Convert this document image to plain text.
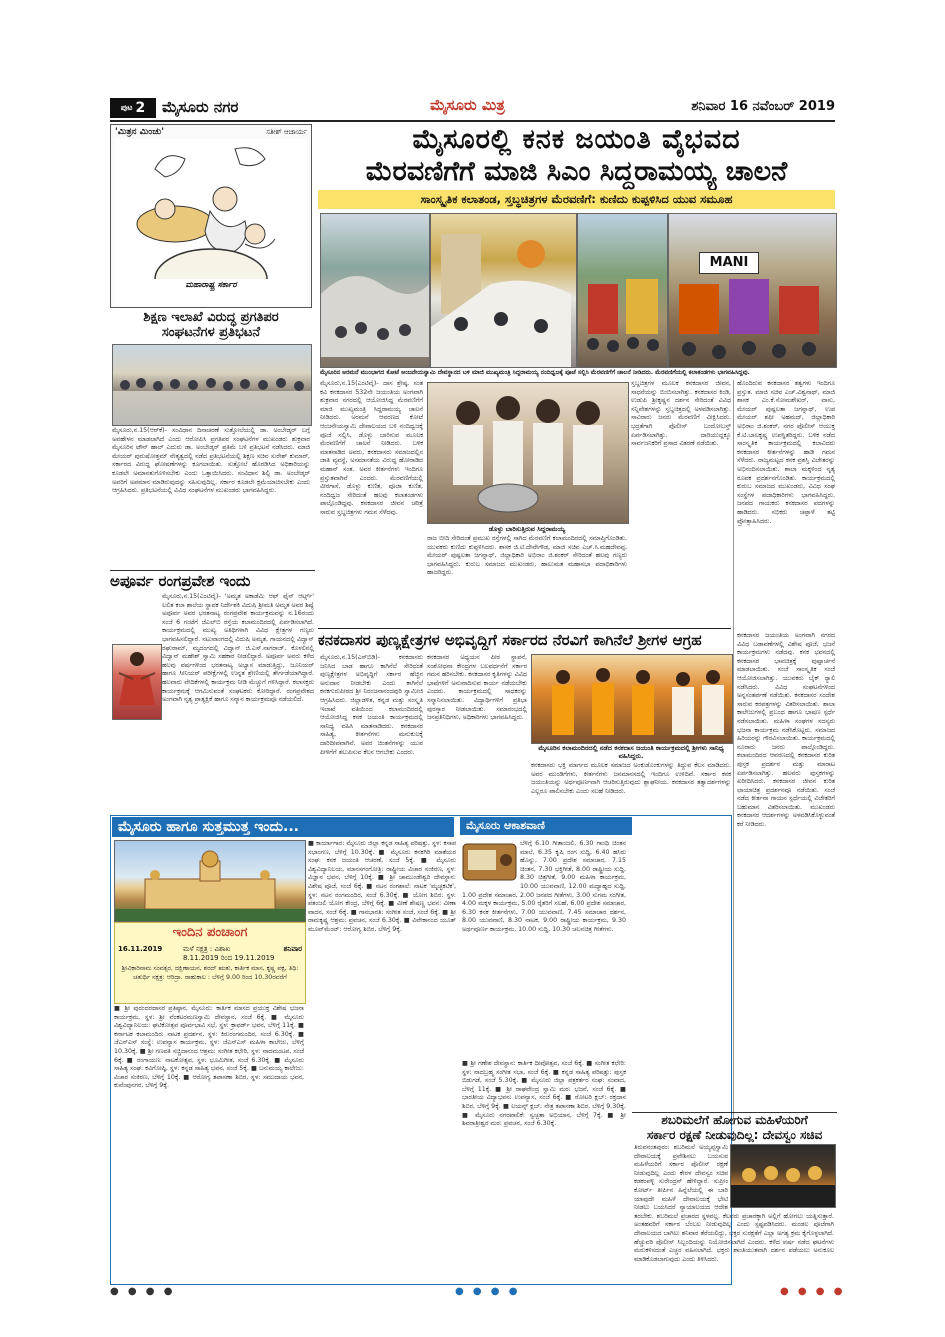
ಪುಟ 2 ಮೈಸೂರು ನಗರ	ಮೈಸೂರು ಮಿತ್ರ	ಶನಿವಾರ 16 ನವೆಂಬರ್ 2019
'ಮಿತ್ರನ ಮಿಂಚು'	ಸತೀಶ್ ಆಚಾರ್ಯ
ಮಹಾರಾಷ್ಟ್ರ ಸರ್ಕಾರ
ಶಿಕ್ಷಣ ಇಲಾಖೆ ವಿರುದ್ಧ ಪ್ರಗತಿಪರ
ಸಂಘಟನೆಗಳ ಪ್ರತಿಭಟನೆ
ಮೈಸೂರು,ನ.15(ಆರ್‌ಕೆ)- ಸಂವಿಧಾನ ದಿನಾಚರಣೆ ಸುತ್ತೋಲೆಯಲ್ಲಿ ಡಾ. ಅಂಬೇಡ್ಕರ್ ಬಗ್ಗೆ ಅವಹೇಳನ ಮಾಡಲಾಗಿದೆ ಎಂದು ಆರೋಪಿಸಿ ಪ್ರಗತಿಪರ ಸಂಘಟನೆಗಳ ಮುಖಂಡರು ಶುಕ್ರವಾರ ಮೈಸೂರಿನ ಟೌನ್ ಹಾಲ್ ಎದುರು ಡಾ. ಅಂಬೇಡ್ಕರ್ ಪ್ರತಿಮೆ ಬಳಿ ಪ್ರತಿಭಟನೆ ನಡೆಸಿದರು. ಮಾಜಿ ಮೇಯರ್ ಪುರುಷೋತ್ತಮ್ ನೇತೃತ್ವದಲ್ಲಿ ನಡೆದ ಪ್ರತಿಭಟನೆಯಲ್ಲಿ ಶಿಕ್ಷಣ ಸಚಿವ ಸುರೇಶ್ ಕುಮಾರ್, ಸರ್ಕಾರದ ವಿರುದ್ಧ ಘೋಷಣೆಗಳನ್ನು ಕೂಗಲಾಯಿತು. ಸುತ್ತೋಲೆ ಹೊರಡಿಸಿದ ಅಧಿಕಾರಿಯನ್ನು ಕೂಡಲೇ ಅಮಾನತುಗೊಳಿಸಬೇಕು ಎಂದು ಒತ್ತಾಯಿಸಿದರು. ಸಂವಿಧಾನ ಶಿಲ್ಪಿ ಡಾ. ಅಂಬೇಡ್ಕರ್ ಅವರಿಗೆ ಅಪಮಾನ ಮಾಡಿರುವುದನ್ನು ಸಹಿಸುವುದಿಲ್ಲ. ಸರ್ಕಾರ ಕೂಡಲೇ ಕ್ಷಮೆಯಾಚಿಸಬೇಕು ಎಂದು ಆಗ್ರಹಿಸಿದರು. ಪ್ರತಿಭಟನೆಯಲ್ಲಿ ವಿವಿಧ ಸಂಘಟನೆಗಳ ಮುಖಂಡರು ಭಾಗವಹಿಸಿದ್ದರು.
ಅಪೂರ್ವ ರಂಗಪ್ರವೇಶ ಇಂದು
ಮೈಸೂರು,ನ.15(ಎಂಟಿವೈ)- 'ಅಮೃತ ಅಕಾಡೆಮಿ ಆಫ್ ಫೈನ್ ಆರ್ಟ್ಸ್' ಲಲಿತ ಕಲಾ ಶಾಲೆಯ ಸ್ಥಾಪಕ ನಿರ್ದೇಶಕಿ ವಿದುಷಿ ಶ್ರೀಮತಿ ಅಮೃತ ಅವರ ಶಿಷ್ಯೆ ಅಪೂರ್ವ ಅವರ ಭರತನಾಟ್ಯ ರಂಗಪ್ರವೇಶ ಕಾರ್ಯಕ್ರಮವನ್ನು ನ.16ರಂದು ಸಂಜೆ 6 ಗಂಟೆಗೆ ಜೆಎಲ್‌ಬಿ ರಸ್ತೆಯ ಕಲಾಮಂದಿರದಲ್ಲಿ ಏರ್ಪಡಿಸಲಾಗಿದೆ. ಕಾರ್ಯಕ್ರಮದಲ್ಲಿ ಮುಖ್ಯ ಅತಿಥಿಗಳಾಗಿ ವಿವಿಧ ಕ್ಷೇತ್ರಗಳ ಗಣ್ಯರು ಭಾಗವಹಿಸಲಿದ್ದಾರೆ. ನಟುವಾಂಗದಲ್ಲಿ ವಿದುಷಿ ಅಮೃತ, ಗಾಯನದಲ್ಲಿ ವಿದ್ವಾನ್ ರಘುರಾಮ್, ಮೃದಂಗದಲ್ಲಿ ವಿದ್ವಾನ್ ಜಿ.ಎಸ್.ನಾಗರಾಜ್, ಕೊಳಲಿನಲ್ಲಿ ವಿದ್ವಾನ್ ಮಹೇಶ್ ಸ್ವಾಮಿ ಸಹಕಾರ ನೀಡಲಿದ್ದಾರೆ. ಅಪೂರ್ವ ಅವರು ಕಳೆದ ಹಲವು ವರ್ಷಗಳಿಂದ ಭರತನಾಟ್ಯ ಅಭ್ಯಾಸ ಮಾಡುತ್ತಿದ್ದು, ಜೂನಿಯರ್ ಹಾಗೂ ಸೀನಿಯರ್ ಪರೀಕ್ಷೆಗಳಲ್ಲಿ ಉನ್ನತ ಶ್ರೇಣಿಯಲ್ಲಿ ತೇರ್ಗಡೆಯಾಗಿದ್ದಾರೆ. ಹಲವಾರು ವೇದಿಕೆಗಳಲ್ಲಿ ಕಾರ್ಯಕ್ರಮ ನೀಡಿ ಮೆಚ್ಚುಗೆ ಗಳಿಸಿದ್ದಾರೆ. ಕಲಾಸಕ್ತರು ಕಾರ್ಯಕ್ರಮಕ್ಕೆ ಆಗಮಿಸುವಂತೆ ಸಂಘಟಕರು ಕೋರಿದ್ದಾರೆ. ರಂಗಪ್ರವೇಶದ ಅಂಗವಾಗಿ ನೃತ್ಯ ಪ್ರಾತ್ಯಕ್ಷಿಕೆ ಹಾಗೂ ಸನ್ಮಾನ ಕಾರ್ಯಕ್ರಮವೂ ನಡೆಯಲಿದೆ.
ಮೈಸೂರಲ್ಲಿ ಕನಕ ಜಯಂತಿ ವೈಭವದ
ಮೆರವಣಿಗೆಗೆ ಮಾಜಿ ಸಿಎಂ ಸಿದ್ದರಾಮಯ್ಯ ಚಾಲನೆ
ಸಾಂಸ್ಕೃತಿಕ ಕಲಾತಂಡ, ಸ್ತಬ್ಧಚಿತ್ರಗಳ ಮೆರವಣಿಗೆ: ಕುಣಿದು ಕುಪ್ಪಳಿಸಿದ ಯುವ ಸಮೂಹ
MANI
ಮೈಸೂರಿನ ಅರಮನೆ ಮುಂಭಾಗದ ಕೋಟೆ ಆಂಜನೇಯಸ್ವಾಮಿ ದೇವಸ್ಥಾನದ ಬಳಿ ಮಾಜಿ ಮುಖ್ಯಮಂತ್ರಿ ಸಿದ್ದರಾಮಯ್ಯ ನಂದಿಧ್ವಜಕ್ಕೆ ಪೂಜೆ ಸಲ್ಲಿಸಿ ಮೆರವಣಿಗೆಗೆ ಚಾಲನೆ ನೀಡಿದರು. ಮೆರವಣಿಗೆಯಲ್ಲಿ ಕಲಾತಂಡಗಳು ಭಾಗವಹಿಸಿದ್ದವು.
ಮೈಸೂರು,ನ.15(ಎಂಟಿವೈ)- ದಾಸ ಶ್ರೇಷ್ಠ, ಸಂತ ಕವಿ ಕನಕದಾಸರ 532ನೇ ಜಯಂತಿಯ ಅಂಗವಾಗಿ ಶುಕ್ರವಾರ ನಗರದಲ್ಲಿ ಆಯೋಜಿಸಿದ್ದ ಮೆರವಣಿಗೆಗೆ ಮಾಜಿ ಮುಖ್ಯಮಂತ್ರಿ ಸಿದ್ದರಾಮಯ್ಯ ಚಾಲನೆ ನೀಡಿದರು. ಅರಮನೆ ಆವರಣದ ಕೋಟೆ ಆಂಜನೇಯಸ್ವಾಮಿ ದೇವಾಲಯದ ಬಳಿ ನಂದಿಧ್ವಜಕ್ಕೆ ಪೂಜೆ ಸಲ್ಲಿಸಿ, ಡೊಳ್ಳು ಬಾರಿಸುವ ಮೂಲಕ ಮೆರವಣಿಗೆಗೆ ಚಾಲನೆ ನೀಡಿದರು. ಬಳಿಕ ಮಾತನಾಡಿದ ಅವರು, ಕನಕದಾಸರು ಸಮಾಜದಲ್ಲಿನ ಜಾತಿ ವ್ಯವಸ್ಥೆ, ಅಸಮಾನತೆಯ ವಿರುದ್ಧ ಹೋರಾಡಿದ ಮಹಾನ್ ಸಂತ. ಅವರ ಕೀರ್ತನೆಗಳು ಇಂದಿಗೂ ಪ್ರಸ್ತುತವಾಗಿವೆ ಎಂದರು. ಮೆರವಣಿಗೆಯಲ್ಲಿ ವೀರಗಾಸೆ, ಡೊಳ್ಳು ಕುಣಿತ, ಪೂಜಾ ಕುಣಿತ, ನಂದಿಧ್ವಜ ಸೇರಿದಂತೆ ಹಲವು ಕಲಾತಂಡಗಳು ಪಾಲ್ಗೊಂಡಿದ್ದವು. ಕನಕದಾಸರ ಜೀವನ ಚರಿತ್ರೆ ಸಾರುವ ಸ್ತಬ್ಧಚಿತ್ರಗಳು ಗಮನ ಸೆಳೆದವು.
ಡೊಳ್ಳು ಬಾರಿಸುತ್ತಿರುವ ಸಿದ್ದರಾಮಯ್ಯ
ರಾಜ ಬೀದಿ ಸೇರಿದಂತೆ ಪ್ರಮುಖ ರಸ್ತೆಗಳಲ್ಲಿ ಸಾಗಿದ ಮೆರವಣಿಗೆ ಕಲಾಮಂದಿರದಲ್ಲಿ ಸಮಾಪ್ತಿಗೊಂಡಿತು. ಯುವಕರು ಕುಣಿದು ಕುಪ್ಪಳಿಸಿದರು. ಶಾಸಕ ಜಿ.ಟಿ.ದೇವೇಗೌಡ, ಮಾಜಿ ಸಚಿವ ಎಚ್.ಸಿ.ಮಹದೇವಪ್ಪ, ಮೇಯರ್ ಪುಷ್ಪಲತಾ ಜಗನ್ನಾಥ್, ಜಿಲ್ಲಾಧಿಕಾರಿ ಅಭಿರಾಂ ಜಿ.ಶಂಕರ್ ಸೇರಿದಂತೆ ಹಲವು ಗಣ್ಯರು ಭಾಗವಹಿಸಿದ್ದರು. ಕುರುಬ ಸಮಾಜದ ಮುಖಂಡರು, ಹಾಲುಮತ ಮಹಾಸಭಾ ಪದಾಧಿಕಾರಿಗಳು ಹಾಜರಿದ್ದರು.
ಸ್ತಬ್ಧಚಿತ್ರಗಳ ಮೂಲಕ ಕನಕದಾಸರ ಜೀವನ, ಸಾಧನೆಯನ್ನು ಬಿಂಬಿಸಲಾಗಿತ್ತು. ಕನಕದಾಸರ ಕಿಂಡಿ, ಉಡುಪಿ ಶ್ರೀಕೃಷ್ಣನ ದರ್ಶನ ಸೇರಿದಂತೆ ವಿವಿಧ ಸನ್ನಿವೇಶಗಳನ್ನು ಸ್ತಬ್ಧಚಿತ್ರದಲ್ಲಿ ಅಳವಡಿಸಲಾಗಿತ್ತು. ಸಾವಿರಾರು ಜನರು ಮೆರವಣಿಗೆ ವೀಕ್ಷಿಸಿದರು. ಭದ್ರತೆಗಾಗಿ ಪೊಲೀಸ್ ಬಂದೋಬಸ್ತ್ ಏರ್ಪಡಿಸಲಾಗಿತ್ತು. ದಾರಿಯುದ್ದಕ್ಕೂ ಸಾರ್ವಜನಿಕರಿಗೆ ಪ್ರಸಾದ ವಿತರಣೆ ನಡೆಯಿತು.
ಹೊಂದಿರುವ ಕನಕದಾಸರ ತತ್ವಗಳು ಇಂದಿಗೂ ಪ್ರಸ್ತುತ. ಮಾಜಿ ಸಚಿವ ಎಚ್.ವಿಶ್ವನಾಥ್, ಮಾಜಿ ಶಾಸಕ ಎಂ.ಕೆ.ಸೋಮಶೇಖರ್, ವಾಸು, ಮೇಯರ್ ಪುಷ್ಪಲತಾ ಜಗನ್ನಾಥ್, ಉಪ ಮೇಯರ್ ಶಫೀ ಅಹಮದ್, ಜಿಲ್ಲಾಧಿಕಾರಿ ಅಭಿರಾಂ ಜಿ.ಶಂಕರ್, ನಗರ ಪೊಲೀಸ್ ಆಯುಕ್ತ ಕೆ.ಟಿ.ಬಾಲಕೃಷ್ಣ ಉಪಸ್ಥಿತರಿದ್ದರು. ಬಳಿಕ ನಡೆದ ಸಾಂಸ್ಕೃತಿಕ ಕಾರ್ಯಕ್ರಮದಲ್ಲಿ ಕಲಾವಿದರು ಕನಕದಾಸರ ಕೀರ್ತನೆಗಳನ್ನು ಹಾಡಿ ಗಮನ ಸೆಳೆದರು. ರಾಜ್ಯಮಟ್ಟದ ಕನಕ ಪ್ರಶಸ್ತಿ ವಿಜೇತರನ್ನು ಅಭಿನಂದಿಸಲಾಯಿತು. ಶಾಲಾ ಮಕ್ಕಳಿಂದ ನೃತ್ಯ ರೂಪಕ ಪ್ರದರ್ಶನಗೊಂಡಿತು. ಕಾರ್ಯಕ್ರಮದಲ್ಲಿ ಕುರುಬ ಸಮಾಜದ ಮುಖಂಡರು, ವಿವಿಧ ಸಂಘ ಸಂಸ್ಥೆಗಳ ಪದಾಧಿಕಾರಿಗಳು ಭಾಗವಹಿಸಿದ್ದರು. ಜನಪದ ಗಾಯಕರು ಕನಕದಾಸರ ಪದಗಳನ್ನು ಹಾಡಿದರು. ಸಭಿಕರು ಚಪ್ಪಾಳೆ ತಟ್ಟಿ ಪ್ರೋತ್ಸಾಹಿಸಿದರು.
ಕನಕದಾಸರ ಪುಣ್ಯಕ್ಷೇತ್ರಗಳ ಅಭಿವೃದ್ಧಿಗೆ ಸರ್ಕಾರದ ನೆರವಿಗೆ ಕಾಗಿನೆಲೆ ಶ್ರೀಗಳ ಆಗ್ರಹ
ಮೈಸೂರು,ನ.15(ಎಸ್‌ಬಿಡಿ)- ಕನಕದಾಸರು ಜನಿಸಿದ ಬಾಡ ಹಾಗೂ ಕಾಗಿನೆಲೆ ಸೇರಿದಂತೆ ಪುಣ್ಯಕ್ಷೇತ್ರಗಳ ಅಭಿವೃದ್ಧಿಗೆ ಸರ್ಕಾರ ಹೆಚ್ಚಿನ ಅನುದಾನ ನೀಡಬೇಕು ಎಂದು ಕಾಗಿನೆಲೆ ಕನಕಗುರುಪೀಠದ ಶ್ರೀ ನಿರಂಜನಾನಂದಪುರಿ ಸ್ವಾಮೀಜಿ ಆಗ್ರಹಿಸಿದರು. ಜಿಲ್ಲಾಡಳಿತ, ಕನ್ನಡ ಮತ್ತು ಸಂಸ್ಕೃತಿ ಇಲಾಖೆ ವತಿಯಿಂದ ಕಲಾಮಂದಿರದಲ್ಲಿ ಆಯೋಜಿಸಿದ್ದ ಕನಕ ಜಯಂತಿ ಕಾರ್ಯಕ್ರಮದಲ್ಲಿ ಸಾನಿಧ್ಯ ವಹಿಸಿ ಮಾತನಾಡಿದರು. ಕನಕದಾಸರ ಸಾಹಿತ್ಯ, ಕೀರ್ತನೆಗಳು ಮನುಕುಲಕ್ಕೆ ದಾರಿದೀಪವಾಗಿವೆ. ಅವರ ಚಿಂತನೆಗಳನ್ನು ಯುವ ಪೀಳಿಗೆಗೆ ತಲುಪಿಸುವ ಕೆಲಸ ಆಗಬೇಕು ಎಂದರು.
ಕನಕದಾಸರ ಅಧ್ಯಯನ ಪೀಠ ಸ್ಥಾಪನೆ, ಸಂಶೋಧನಾ ಕೇಂದ್ರಗಳ ಬಲವರ್ಧನೆಗೆ ಸರ್ಕಾರ ಗಮನ ಹರಿಸಬೇಕು. ಕನಕದಾಸರ ಕೃತಿಗಳನ್ನು ವಿವಿಧ ಭಾಷೆಗಳಿಗೆ ಅನುವಾದಿಸುವ ಕಾರ್ಯ ನಡೆಯಬೇಕು ಎಂದರು. ಕಾರ್ಯಕ್ರಮದಲ್ಲಿ ಸಾಧಕರನ್ನು ಸನ್ಮಾನಿಸಲಾಯಿತು. ವಿದ್ಯಾರ್ಥಿಗಳಿಗೆ ಪ್ರತಿಭಾ ಪುರಸ್ಕಾರ ನೀಡಲಾಯಿತು. ಸಮಾರಂಭದಲ್ಲಿ ಜನಪ್ರತಿನಿಧಿಗಳು, ಅಧಿಕಾರಿಗಳು ಭಾಗವಹಿಸಿದ್ದರು.
ಮೈಸೂರಿನ ಕಲಾಮಂದಿರದಲ್ಲಿ ನಡೆದ ಕನಕದಾಸ ಜಯಂತಿ ಕಾರ್ಯಕ್ರಮದಲ್ಲಿ ಶ್ರೀಗಳು ಸಾನಿಧ್ಯ ವಹಿಸಿದ್ದರು.
ಕನಕದಾಸರು ಭಕ್ತಿ ಮಾರ್ಗದ ಮೂಲಕ ಸಮಾಜದ ಅಂಕುಡೊಂಕುಗಳನ್ನು ತಿದ್ದುವ ಕೆಲಸ ಮಾಡಿದರು. ಅವರ ಮುಂಡಿಗೆಗಳು, ಕೀರ್ತನೆಗಳು ಜನಮಾನಸದಲ್ಲಿ ಇಂದಿಗೂ ಉಳಿದಿವೆ. ಸರ್ಕಾರ ಕನಕ ಜಯಂತಿಯನ್ನು ಅರ್ಥಪೂರ್ಣವಾಗಿ ಆಚರಿಸುತ್ತಿರುವುದು ಶ್ಲಾಘನೀಯ. ಕನಕದಾಸರ ತತ್ವಾದರ್ಶಗಳನ್ನು ಎಲ್ಲರೂ ಪಾಲಿಸಬೇಕು ಎಂದು ಸಲಹೆ ನೀಡಿದರು.
ಕನಕದಾಸರ ಜಯಂತಿಯ ಅಂಗವಾಗಿ ನಗರದ ವಿವಿಧ ಬಡಾವಣೆಗಳಲ್ಲಿ ವಿಶೇಷ ಪೂಜೆ, ಭಜನೆ ಕಾರ್ಯಕ್ರಮಗಳು ನಡೆದವು. ಕನಕ ಭವನದಲ್ಲಿ ಕನಕದಾಸರ ಭಾವಚಿತ್ರಕ್ಕೆ ಪುಷ್ಪಾರ್ಚನೆ ಮಾಡಲಾಯಿತು. ಸಂಜೆ ಸಾಂಸ್ಕೃತಿಕ ಸಂಜೆ ಆಯೋಜಿಸಲಾಗಿತ್ತು. ಯುವಕರು ಬೈಕ್ ರ‍್ಯಾಲಿ ನಡೆಸಿದರು. ವಿವಿಧ ಸಂಘಟನೆಗಳಿಂದ ಅನ್ನಸಂತರ್ಪಣೆ ನಡೆಯಿತು. ಕನಕದಾಸರ ಸಂದೇಶ ಸಾರುವ ಕರಪತ್ರಗಳನ್ನು ವಿತರಿಸಲಾಯಿತು. ಶಾಲಾ ಕಾಲೇಜುಗಳಲ್ಲಿ ಪ್ರಬಂಧ ಹಾಗೂ ಭಾಷಣ ಸ್ಪರ್ಧೆ ನಡೆಸಲಾಯಿತು. ಮಹಿಳಾ ಸಂಘಗಳ ಸದಸ್ಯರು ಭಜನಾ ಕಾರ್ಯಕ್ರಮ ನಡೆಸಿಕೊಟ್ಟರು. ಸಮಾಜದ ಹಿರಿಯರನ್ನು ಗೌರವಿಸಲಾಯಿತು. ಕಾರ್ಯಕ್ರಮದಲ್ಲಿ ನೂರಾರು ಜನರು ಪಾಲ್ಗೊಂಡಿದ್ದರು. ಕಲಾಮಂದಿರದ ಆವರಣದಲ್ಲಿ ಕನಕದಾಸರ ಕುರಿತ ಪುಸ್ತಕ ಪ್ರದರ್ಶನ ಮತ್ತು ಮಾರಾಟ ಏರ್ಪಡಿಸಲಾಗಿತ್ತು. ಹಲವರು ಪುಸ್ತಕಗಳನ್ನು ಖರೀದಿಸಿದರು. ಕನಕದಾಸರ ಜೀವನ ಕುರಿತ ಛಾಯಾಚಿತ್ರ ಪ್ರದರ್ಶನವೂ ನಡೆಯಿತು. ಸಂಜೆ ನಡೆದ ಕೀರ್ತನಾ ಗಾಯನ ಸ್ಪರ್ಧೆಯಲ್ಲಿ ವಿಜೇತರಿಗೆ ಬಹುಮಾನ ವಿತರಿಸಲಾಯಿತು. ಮುಖಂಡರು ಕನಕದಾಸರ ಆದರ್ಶಗಳನ್ನು ಅಳವಡಿಸಿಕೊಳ್ಳುವಂತೆ ಕರೆ ನೀಡಿದರು.
ಮೈಸೂರು ಹಾಗೂ ಸುತ್ತಮುತ್ತ ಇಂದು...	ಮೈಸೂರು ಆಕಾಶವಾಣಿ
ಇಂದಿನ ಪಂಚಾಂಗ
16.11.2019	ಮಳೆ ನಕ್ಷತ್ರ : ವಿಶಾಖ	ಶನಿವಾರ
8.11.2019 ರಿಂದ 19.11.2019
ಶ್ರೀವಿಕಾರಿನಾಮ ಸಂವತ್ಸರ, ದಕ್ಷಿಣಾಯನ, ಶರದ್ ಋತು, ಕಾರ್ತಿಕ ಮಾಸ, ಕೃಷ್ಣ ಪಕ್ಷ, ತಿಥಿ: ಚತುರ್ಥಿ ನಕ್ಷತ್ರ: ಆರಿದ್ರಾ. ರಾಹುಕಾಲ : ಬೆಳಿಗ್ಗೆ 9.00 ರಿಂದ 10.30ರವರೆಗೆ
■ ಶ್ರೀ ಪುರಂದರದಾಸರ ಪ್ರತಿಷ್ಠಾನ, ಮೈಸೂರು: ಕಾರ್ತಿಕ ಮಾಸದ ಪ್ರಯುಕ್ತ ವಿಶೇಷ ಭಜನಾ ಕಾರ್ಯಕ್ರಮ, ಸ್ಥಳ: ಶ್ರೀ ವೆಂಕಟರಮಣಸ್ವಾಮಿ ದೇವಸ್ಥಾನ, ಸಂಜೆ 6ಕ್ಕೆ. ■ ಮೈಸೂರು ವಿಶ್ವವಿದ್ಯಾನಿಲಯ: ಘಟಿಕೋತ್ಸವ ಪೂರ್ವಭಾವಿ ಸಭೆ, ಸ್ಥಳ: ಕ್ರಾಫರ್ಡ್ ಭವನ, ಬೆಳಿಗ್ಗೆ 11ಕ್ಕೆ. ■ ಕರ್ನಾಟಕ ಕಲಾಮಂದಿರ: ನಾಟಕ ಪ್ರದರ್ಶನ, ಸ್ಥಳ: ಕಿರುರಂಗಮಂದಿರ, ಸಂಜೆ 6.30ಕ್ಕೆ. ■ ಜೆಎಸ್ಎಸ್ ಸಂಸ್ಥೆ: ಉಪನ್ಯಾಸ ಕಾರ್ಯಕ್ರಮ, ಸ್ಥಳ: ಜೆಎಸ್ಎಸ್ ಮಹಿಳಾ ಕಾಲೇಜು, ಬೆಳಿಗ್ಗೆ 10.30ಕ್ಕೆ. ■ ಶ್ರೀ ಗಣಪತಿ ಸಚ್ಚಿದಾನಂದ ಆಶ್ರಮ: ಸಂಗೀತ ಕಛೇರಿ, ಸ್ಥಳ: ನಾದಮಂಟಪ, ಸಂಜೆ 6ಕ್ಕೆ. ■ ರಂಗಾಯಣ: ನಾಟಕೋತ್ಸವ, ಸ್ಥಳ: ಭೂಮಿಗೀತ, ಸಂಜೆ 6.30ಕ್ಕೆ. ■ ಮೈಸೂರು ಸಾಹಿತ್ಯ ಸಂಘ: ಕವಿಗೋಷ್ಠಿ, ಸ್ಥಳ: ಕನ್ನಡ ಸಾಹಿತ್ಯ ಭವನ, ಸಂಜೆ 5ಕ್ಕೆ. ■ ಬನುಮಯ್ಯ ಕಾಲೇಜು: ವಿಚಾರ ಸಂಕಿರಣ, ಬೆಳಿಗ್ಗೆ 10ಕ್ಕೆ. ■ ಆರೋಗ್ಯ ತಪಾಸಣಾ ಶಿಬಿರ, ಸ್ಥಳ: ಸಮುದಾಯ ಭವನ, ಕುವೆಂಪುನಗರ, ಬೆಳಿಗ್ಗೆ 9ಕ್ಕೆ.
■ ಕಾರ್ಯಾಗಾರ: ಮೈಸೂರು ಜಿಲ್ಲಾ ಕನ್ನಡ ಸಾಹಿತ್ಯ ಪರಿಷತ್ತು, ಸ್ಥಳ: ಕಸಾಪ ಸಭಾಂಗಣ, ಬೆಳಿಗ್ಗೆ 10.30ಕ್ಕೆ. ■ ಮೈಸೂರು ಕನಕಗಿರಿ ಮಾತೆಯರ ಸಂಘ: ಕನಕ ಜಯಂತಿ ಆಚರಣೆ, ಸಂಜೆ 5ಕ್ಕೆ. ■ ಮೈಸೂರು ವಿಶ್ವವಿದ್ಯಾನಿಲಯ, ಮಾನಸಗಂಗೋತ್ರಿ: ರಾಷ್ಟ್ರೀಯ ವಿಚಾರ ಸಂಕಿರಣ, ಸ್ಥಳ: ವಿಜ್ಞಾನ ಭವನ, ಬೆಳಿಗ್ಗೆ 10ಕ್ಕೆ. ■ ಶ್ರೀ ಚಾಮುಂಡೇಶ್ವರಿ ದೇವಸ್ಥಾನ: ವಿಶೇಷ ಪೂಜೆ, ಸಂಜೆ 6ಕ್ಕೆ. ■ ನಟನ ರಂಗಶಾಲೆ: ನಾಟಕ 'ಮೃಚ್ಛಕಟಿಕ', ಸ್ಥಳ: ನಟನ ರಂಗಮಂದಿರ, ಸಂಜೆ 6.30ಕ್ಕೆ. ■ ಯೋಗ ಶಿಬಿರ: ಸ್ಥಳ: ಪತಂಜಲಿ ಯೋಗ ಕೇಂದ್ರ, ಬೆಳಿಗ್ಗೆ 6ಕ್ಕೆ. ■ ವೀಣೆ ಶೇಷಣ್ಣ ಭವನ: ವೀಣಾ ವಾದನ, ಸಂಜೆ 6ಕ್ಕೆ. ■ ಗಾನಭಾರತಿ: ಸಂಗೀತ ಸಂಜೆ, ಸಂಜೆ 6ಕ್ಕೆ. ■ ಶ್ರೀ ರಾಮಕೃಷ್ಣ ಆಶ್ರಮ: ಪ್ರವಚನ, ಸಂಜೆ 6.30ಕ್ಕೆ. ■ ವಿವೇಕಾನಂದ ಯೂತ್ ಮೂವ್‌ಮೆಂಟ್: ಆರೋಗ್ಯ ಶಿಬಿರ, ಬೆಳಿಗ್ಗೆ 9ಕ್ಕೆ.
ಬೆಳಿಗ್ಗೆ 6.10 ಗೀತಾಂಜಲಿ, 6.30 ಗಾಂಧಿ ಚಿಂತನ ಮಾಲೆ, 6.35 ಕೃಷಿ ರಂಗ ಸುದ್ದಿ, 6.40 ಹಸಿರು ಹೊನ್ನು, 7.00 ಪ್ರದೇಶ ಸಮಾಚಾರ, 7.15 ಚಿಂತನ, 7.30 ಭಕ್ತಿಗೀತೆ, 8.00 ರಾಷ್ಟ್ರೀಯ ಸುದ್ದಿ, 8.30 ಚಿತ್ರಗೀತೆ, 9.00 ಮಹಿಳಾ ಕಾರ್ಯಕ್ರಮ, 10.00 ಯುವವಾಣಿ, 12.00 ಮಧ್ಯಾಹ್ನದ ಸುದ್ದಿ, 1.00 ಪ್ರದೇಶ ಸಮಾಚಾರ, 2.00 ಜನಪದ ಗೀತೆಗಳು, 3.00 ಸುಗಮ ಸಂಗೀತ, 4.00 ಮಕ್ಕಳ ಕಾರ್ಯಕ್ರಮ, 5.00 ರೈತರಿಗೆ ಸಲಹೆ, 6.00 ಪ್ರದೇಶ ಸಮಾಚಾರ, 6.30 ಕನಕ ಕೀರ್ತನೆಗಳು, 7.00 ಯುವವಾಣಿ, 7.45 ಸಮಾಚಾರ ದರ್ಶನ, 8.00 ಯುವವಾಣಿ, 8.30 ನಾಟಕ, 9.00 ರಾಷ್ಟ್ರೀಯ ಕಾರ್ಯಕ್ರಮ, 9.30 ಅರ್ಥಪೂರ್ಣ ಕಾರ್ಯಕ್ರಮ, 10.00 ಸುದ್ದಿ, 10.30 ಚಲನಚಿತ್ರ ಗೀತೆಗಳು.
■ ಶ್ರೀ ಗಣೇಶ ದೇವಸ್ಥಾನ: ಕಾರ್ತಿಕ ದೀಪೋತ್ಸವ, ಸಂಜೆ 6ಕ್ಕೆ. ■ ಸಂಗೀತ ಕಛೇರಿ: ಸ್ಥಳ: ನಾದಬ್ರಹ್ಮ ಸಂಗೀತ ಸಭಾ, ಸಂಜೆ 6ಕ್ಕೆ. ■ ಕನ್ನಡ ಸಾಹಿತ್ಯ ಪರಿಷತ್ತು: ಪುಸ್ತಕ ಬಿಡುಗಡೆ, ಸಂಜೆ 5.30ಕ್ಕೆ. ■ ಮೈಸೂರು ಜಿಲ್ಲಾ ಪತ್ರಕರ್ತರ ಸಂಘ: ಸಂವಾದ, ಬೆಳಿಗ್ಗೆ 11ಕ್ಕೆ. ■ ಶ್ರೀ ರಾಘವೇಂದ್ರ ಸ್ವಾಮಿ ಮಠ: ಭಜನೆ, ಸಂಜೆ 6ಕ್ಕೆ. ■ ಭಾರತೀಯ ವಿದ್ಯಾಭವನ: ಉಪನ್ಯಾಸ, ಸಂಜೆ 6ಕ್ಕೆ. ■ ರೋಟರಿ ಕ್ಲಬ್: ರಕ್ತದಾನ ಶಿಬಿರ, ಬೆಳಿಗ್ಗೆ 9ಕ್ಕೆ. ■ ಲಯನ್ಸ್ ಕ್ಲಬ್: ನೇತ್ರ ತಪಾಸಣಾ ಶಿಬಿರ, ಬೆಳಿಗ್ಗೆ 9.30ಕ್ಕೆ. ■ ಮೈಸೂರು ನಗರಪಾಲಿಕೆ: ಸ್ವಚ್ಛತಾ ಅಭಿಯಾನ, ಬೆಳಿಗ್ಗೆ 7ಕ್ಕೆ. ■ ಶ್ರೀ ಶಿವರಾತ್ರೀಶ್ವರ ಮಠ: ಪ್ರವಚನ, ಸಂಜೆ 6.30ಕ್ಕೆ.	ಶಬರಿಮಲೆಗೆ ಹೋಗುವ ಮಹಿಳೆಯರಿಗೆ
ಸರ್ಕಾರ ರಕ್ಷಣೆ ನೀಡುವುದಿಲ್ಲ: ದೇವಸ್ವಂ ಸಚಿವ
ತಿರುವನಂತಪುರಂ: ಶಬರಿಮಲೆ ಅಯ್ಯಪ್ಪಸ್ವಾಮಿ ದೇವಾಲಯಕ್ಕೆ ಪ್ರವೇಶಿಸಲು ಬಯಸುವ ಮಹಿಳೆಯರಿಗೆ ಸರ್ಕಾರ ಪೊಲೀಸ್ ರಕ್ಷಣೆ ನೀಡುವುದಿಲ್ಲ ಎಂದು ಕೇರಳ ದೇವಸ್ವಂ ಸಚಿವ ಕಡಕಂಪಳ್ಳಿ ಸುರೇಂದ್ರನ್ ಹೇಳಿದ್ದಾರೆ. ಸುಪ್ರೀಂ ಕೋರ್ಟ್ ತೀರ್ಪಿನ ಹಿನ್ನೆಲೆಯಲ್ಲಿ ಈ ಬಾರಿ ಯಾವುದೇ ಮಹಿಳೆ ದೇವಾಲಯಕ್ಕೆ ಭೇಟಿ ನೀಡಲು ಬಯಸಿದರೆ ನ್ಯಾಯಾಲಯದ ಆದೇಶ ತರಬೇಕು. ಶಬರಿಮಲೆ ಪ್ರಚಾರದ ಸ್ಥಳವಲ್ಲ. ಕೆಲವರು ಪ್ರಚಾರಕ್ಕಾಗಿ ಅಲ್ಲಿಗೆ ಹೋಗಲು ಯತ್ನಿಸುತ್ತಾರೆ. ಅಂತಹವರಿಗೆ ಸರ್ಕಾರ ಬೆಂಬಲ ನೀಡುವುದಿಲ್ಲ ಎಂದು ಸ್ಪಷ್ಟಪಡಿಸಿದರು. ಮಂಡಲ ಪೂಜೆಗಾಗಿ ದೇವಾಲಯದ ಬಾಗಿಲು ಶನಿವಾರ ತೆರೆಯಲಿದ್ದು, ಭಕ್ತರ ಸುರಕ್ಷತೆಗೆ ಎಲ್ಲಾ ಅಗತ್ಯ ಕ್ರಮ ಕೈಗೊಳ್ಳಲಾಗಿದೆ. ಹೆಚ್ಚುವರಿ ಪೊಲೀಸ್ ಸಿಬ್ಬಂದಿಯನ್ನು ನಿಯೋಜಿಸಲಾಗಿದೆ ಎಂದರು. ಕಳೆದ ವರ್ಷ ನಡೆದ ಘಟನೆಗಳು ಮರುಕಳಿಸದಂತೆ ಎಚ್ಚರ ವಹಿಸಲಾಗಿದೆ. ಭಕ್ತರು ಶಾಂತಿಯುತವಾಗಿ ದರ್ಶನ ಪಡೆಯಲು ಅನುಕೂಲ ಮಾಡಿಕೊಡಲಾಗುವುದು ಎಂದು ತಿಳಿಸಿದರು.
● ● ● ●	● ● ● ●	● ● ● ●
